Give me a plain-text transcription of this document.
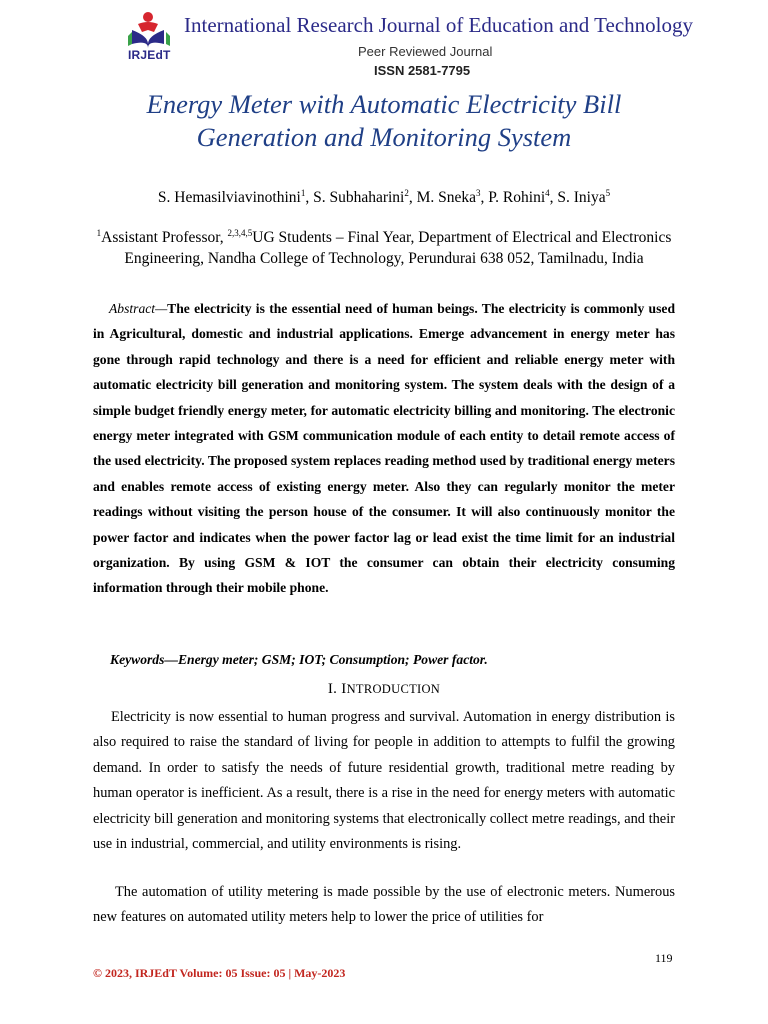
IRJEdT
International Research Journal of Education and Technology
Peer Reviewed Journal
ISSN 2581-7795
Energy Meter with Automatic Electricity Bill
Generation and Monitoring System
S. Hemasilviavinothini$^1$, S. Subhaharini$^2$, M. Sneka$^3$, P. Rohini$^4$, S. Iniya$^5$
$^1$Assistant Professor, $^{2,3,4,5}$UG Students – Final Year, Department of Electrical and Electronics Engineering, Nandha College of Technology, Perundurai 638 052, Tamilnadu, India
Abstract—The electricity is the essential need of human beings. The electricity is commonly used in Agricultural, domestic and industrial applications. Emerge advancement in energy meter has gone through rapid technology and there is a need for efficient and reliable energy meter with automatic electricity bill generation and monitoring system. The system deals with the design of a simple budget friendly energy meter, for automatic electricity billing and monitoring. The electronic energy meter integrated with GSM communication module of each entity to detail remote access of the used electricity. The proposed system replaces reading method used by traditional energy meters and enables remote access of existing energy meter. Also they can regularly monitor the meter readings without visiting the person house of the consumer. It will also continuously monitor the power factor and indicates when the power factor lag or lead exist the time limit for an industrial organization. By using GSM & IOT the consumer can obtain their electricity consuming information through their mobile phone.
Keywords—Energy meter; GSM; IOT; Consumption; Power factor.
I. INTRODUCTION

Electricity is now essential to human progress and survival. Automation in energy distribution is also required to raise the standard of living for people in addition to attempts to fulfil the growing demand. In order to satisfy the needs of future residential growth, traditional metre reading by human operator is inefficient. As a result, there is a rise in the need for energy meters with automatic electricity bill generation and monitoring systems that electronically collect metre readings, and their use in industrial, commercial, and utility environments is rising.

The automation of utility metering is made possible by the use of electronic meters. Numerous new features on automated utility meters help to lower the price of utilities for

119
© 2023, IRJEdT Volume: 05 Issue: 05 | May-2023
